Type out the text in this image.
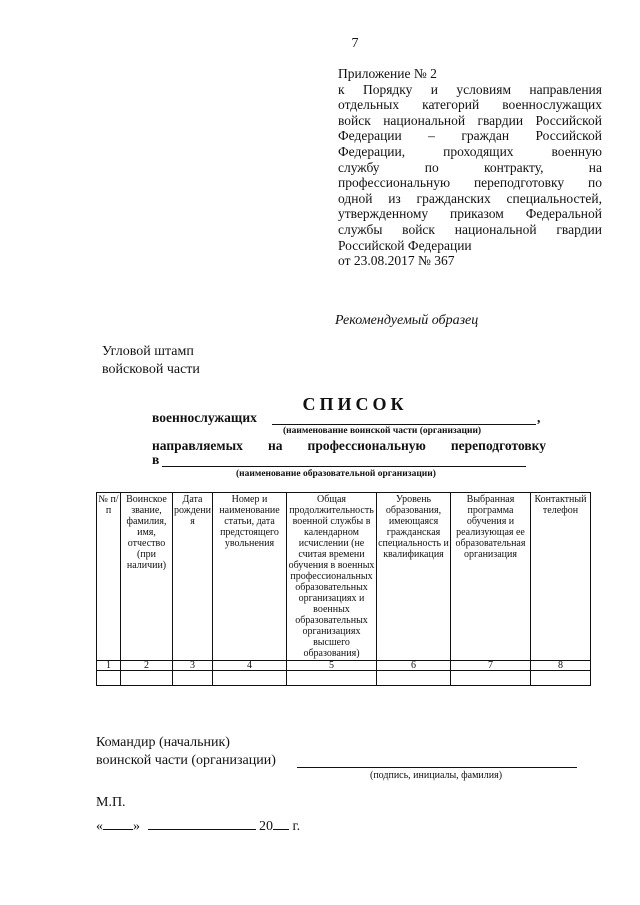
7
Приложение № 2
к Порядку и условиям направления
отдельных категорий военнослужащих
войск национальной гвардии Российской
Федерации – граждан Российской
Федерации, проходящих военную
службу по контракту, на
профессиональную переподготовку по
одной из гражданских специальностей,
утвержденному приказом Федеральной
службы войск национальной гвардии
Российской Федерации
от 23.08.2017 № 367
Рекомендуемый образец
Угловой штамп
войсковой части
СПИСОК
военнослужащих	,
(наименование воинской части (организации)
направляемых на профессиональную переподготовку
в
(наименование образовательной организации)
№ п/п	Воинское звание, фамилия, имя, отчество (при наличии)	Дата рождения	Номер и наименование статьи, дата предстоящего увольнения	Общая продолжительность военной службы в календарном исчислении (не считая времени обучения в военных профессиональных образовательных организациях и военных образовательных организациях высшего образования)	Уровень образования, имеющаяся гражданская специальность и квалификация	Выбранная программа обучения и реализующая ее образовательная организация	Контактный телефон
1	2	3	4	5	6	7	8

Командир (начальник)
воинской части (организации)
(подпись, инициалы, фамилия)
М.П.
« »	20 г.
